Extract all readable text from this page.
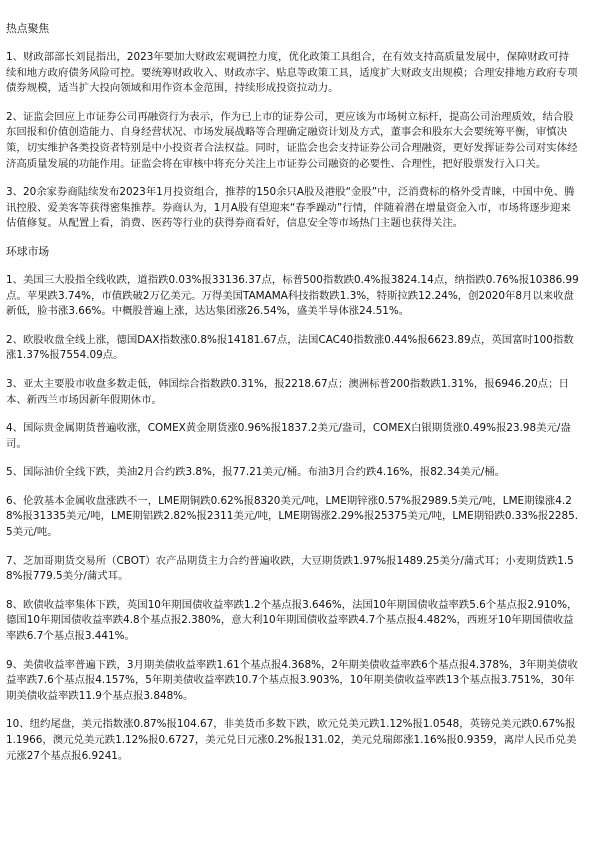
热点聚焦

1、财政部部长刘昆指出，2023年要加大财政宏观调控力度，优化政策工具组合，在有效支持高质量发展中，保障财政可持续和地方政府债务风险可控。要统筹财政收入、财政赤字、贴息等政策工具，适度扩大财政支出规模；合理安排地方政府专项债券规模，适当扩大投向领域和用作资本金范围，持续形成投资拉动力。

2、证监会回应上市证券公司再融资行为表示，作为已上市的证券公司，更应该为市场树立标杆，提高公司治理质效，结合股东回报和价值创造能力、自身经营状况、市场发展战略等合理确定融资计划及方式，董事会和股东大会要统筹平衡，审慎决策，切实维护各类投资者特别是中小投资者合法权益。同时，证监会也会支持证券公司合理融资，更好发挥证券公司对实体经济高质量发展的功能作用。证监会将在审核中将充分关注上市证券公司融资的必要性、合理性，把好股票发行入口关。

3、20余家券商陆续发布2023年1月投资组合，推荐的150余只A股及港股“金股”中，泛消费标的格外受青睐，中国中免、腾讯控股、爱美客等获得密集推荐。券商认为，1月A股有望迎来“春季躁动”行情，伴随着潜在增量资金入市，市场将逐步迎来估值修复。从配置上看，消费、医药等行业的获得券商看好，信息安全等市场热门主题也获得关注。

环球市场

1、美国三大股指全线收跌，道指跌0.03%报33136.37点，标普500指数跌0.4%报3824.14点，纳指跌0.76%报10386.99点。苹果跌3.74%，市值跌破2万亿美元。万得美国TAMAMA科技指数跌1.3%，特斯拉跌12.24%，创2020年8月以来收盘新低，脸书涨3.66%。中概股普遍上涨，达达集团涨26.54%，盛美半导体涨24.51%。

2、欧股收盘全线上涨，德国DAX指数涨0.8%报14181.67点，法国CAC40指数涨0.44%报6623.89点，英国富时100指数涨1.37%报7554.09点。

3、亚太主要股市收盘多数走低，韩国综合指数跌0.31%，报2218.67点；澳洲标普200指数跌1.31%，报6946.20点；日本、新西兰市场因新年假期休市。

4、国际贵金属期货普遍收涨，COMEX黄金期货涨0.96%报1837.2美元/盎司，COMEX白银期货涨0.49%报23.98美元/盎司。

5、国际油价全线下跌，美油2月合约跌3.8%，报77.21美元/桶。布油3月合约跌4.16%，报82.34美元/桶。

6、伦敦基本金属收盘涨跌不一，LME期铜跌0.62%报8320美元/吨，LME期锌涨0.57%报2989.5美元/吨，LME期镍涨4.28%报31335美元/吨，LME期铝跌2.82%报2311美元/吨，LME期锡涨2.29%报25375美元/吨，LME期铅跌0.33%报2285.5美元/吨。

7、芝加哥期货交易所（CBOT）农产品期货主力合约普遍收跌，大豆期货跌1.97%报1489.25美分/蒲式耳；小麦期货跌1.58%报779.5美分/蒲式耳。

8、欧债收益率集体下跌，英国10年期国债收益率跌1.2个基点报3.646%，法国10年期国债收益率跌5.6个基点报2.910%，德国10年期国债收益率跌4.8个基点报2.380%，意大利10年期国债收益率跌4.7个基点报4.482%，西班牙10年期国债收益率跌6.7个基点报3.441%。

9、美债收益率普遍下跌，3月期美债收益率跌1.61个基点报4.368%，2年期美债收益率跌6个基点报4.378%，3年期美债收益率跌7.6个基点报4.157%，5年期美债收益率跌10.7个基点报3.903%，10年期美债收益率跌13个基点报3.751%，30年期美债收益率跌11.9个基点报3.848%。

10、纽约尾盘，美元指数涨0.87%报104.67，非美货币多数下跌，欧元兑美元跌1.12%报1.0548，英镑兑美元跌0.67%报1.1966，澳元兑美元跌1.12%报0.6727，美元兑日元涨0.2%报131.02，美元兑瑞郎涨1.16%报0.9359，离岸人民币兑美元涨27个基点报6.9241。
